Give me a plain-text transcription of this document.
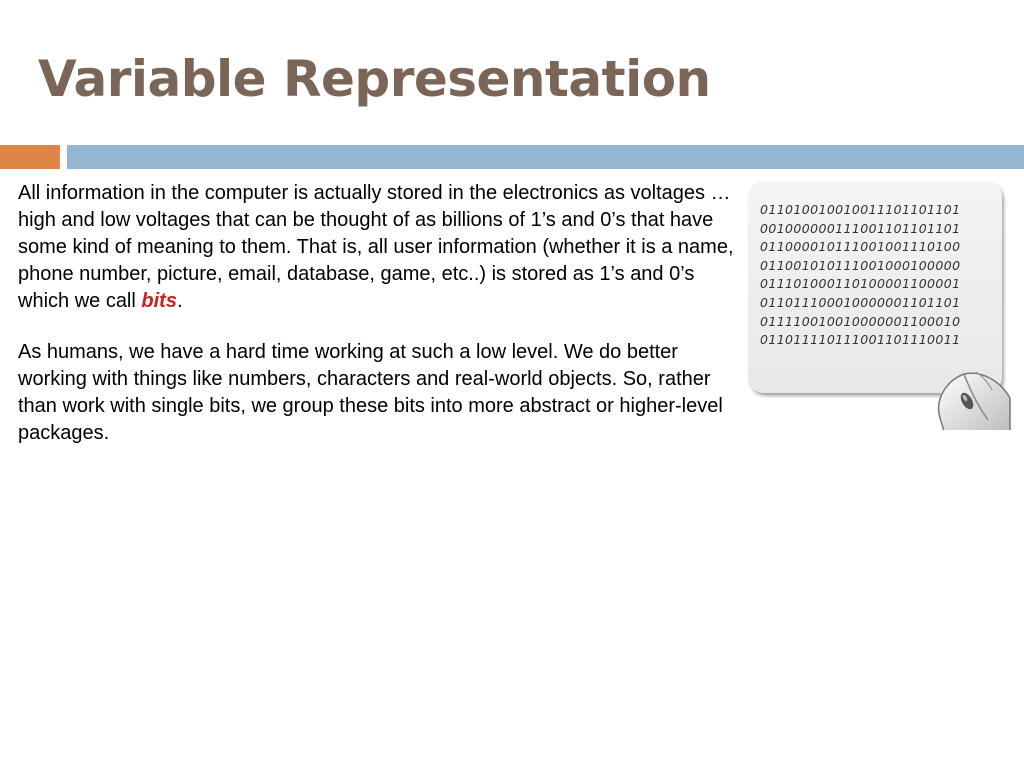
Variable Representation

All information in the computer is actually stored in the electronics as voltages … high and low voltages that can be thought of as billions of 1’s and 0’s that have some kind of meaning to them. That is, all user information (whether it is a name, phone number, picture, email, database, game, etc..) is stored as 1’s and 0’s which we call bits.

As humans, we have a hard time working at such a low level. We do better working with things like numbers, characters and real-world objects. So, rather than work with single bits, we group these bits into more abstract or higher-level packages.

011010010010011101101101
001000000111001101101101
011000010111001001110100
011001010111001000100000
011101000110100001100001
011011100010000001101101
011110010010000001100010
011011110111001101110011
